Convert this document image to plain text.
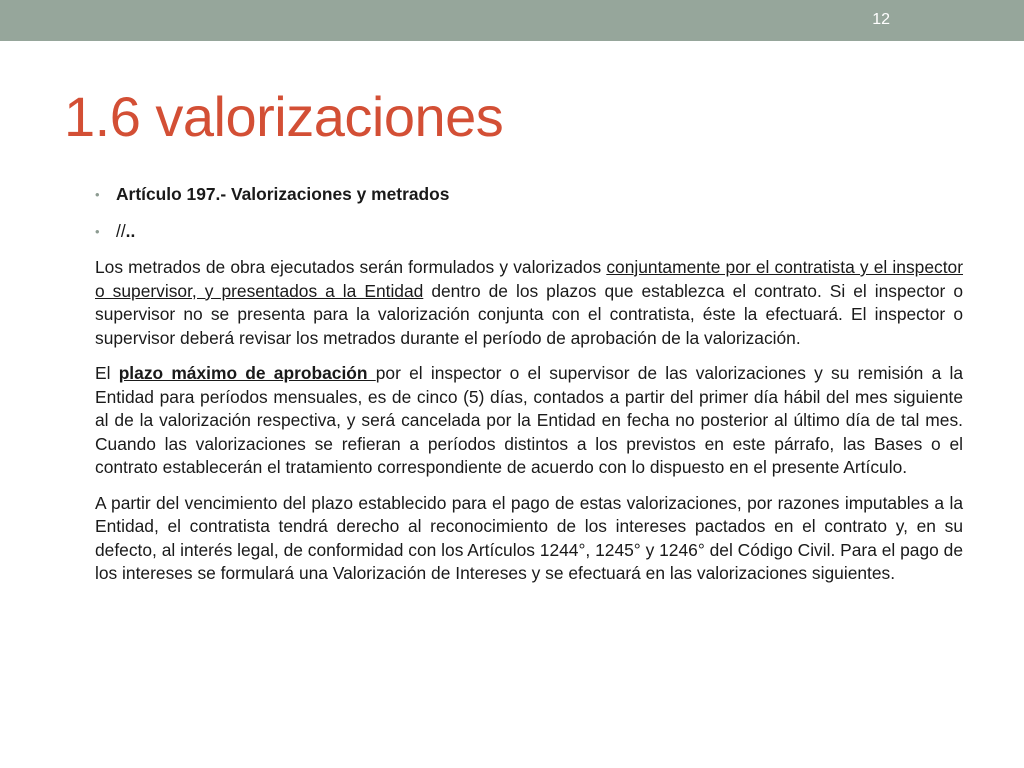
12
1.6 valorizaciones
• Artículo 197.- Valorizaciones y metrados
• //..

Los metrados de obra ejecutados serán formulados y valorizados conjuntamente por el contratista y el inspector o supervisor, y presentados a la Entidad dentro de los plazos que establezca el contrato. Si el inspector o supervisor no se presenta para la valorización conjunta con el contratista, éste la efectuará. El inspector o supervisor deberá revisar los metrados durante el período de aprobación de la valorización.

El plazo máximo de aprobación por el inspector o el supervisor de las valorizaciones y su remisión a la Entidad para períodos mensuales, es de cinco (5) días, contados a partir del primer día hábil del mes siguiente al de la valorización respectiva, y será cancelada por la Entidad en fecha no posterior al último día de tal mes. Cuando las valorizaciones se refieran a períodos distintos a los previstos en este párrafo, las Bases o el contrato establecerán el tratamiento correspondiente de acuerdo con lo dispuesto en el presente Artículo.

A partir del vencimiento del plazo establecido para el pago de estas valorizaciones, por razones imputables a la Entidad, el contratista tendrá derecho al reconocimiento de los intereses pactados en el contrato y, en su defecto, al interés legal, de conformidad con los Artículos 1244°, 1245° y 1246° del Código Civil. Para el pago de los intereses se formulará una Valorización de Intereses y se efectuará en las valorizaciones siguientes.
